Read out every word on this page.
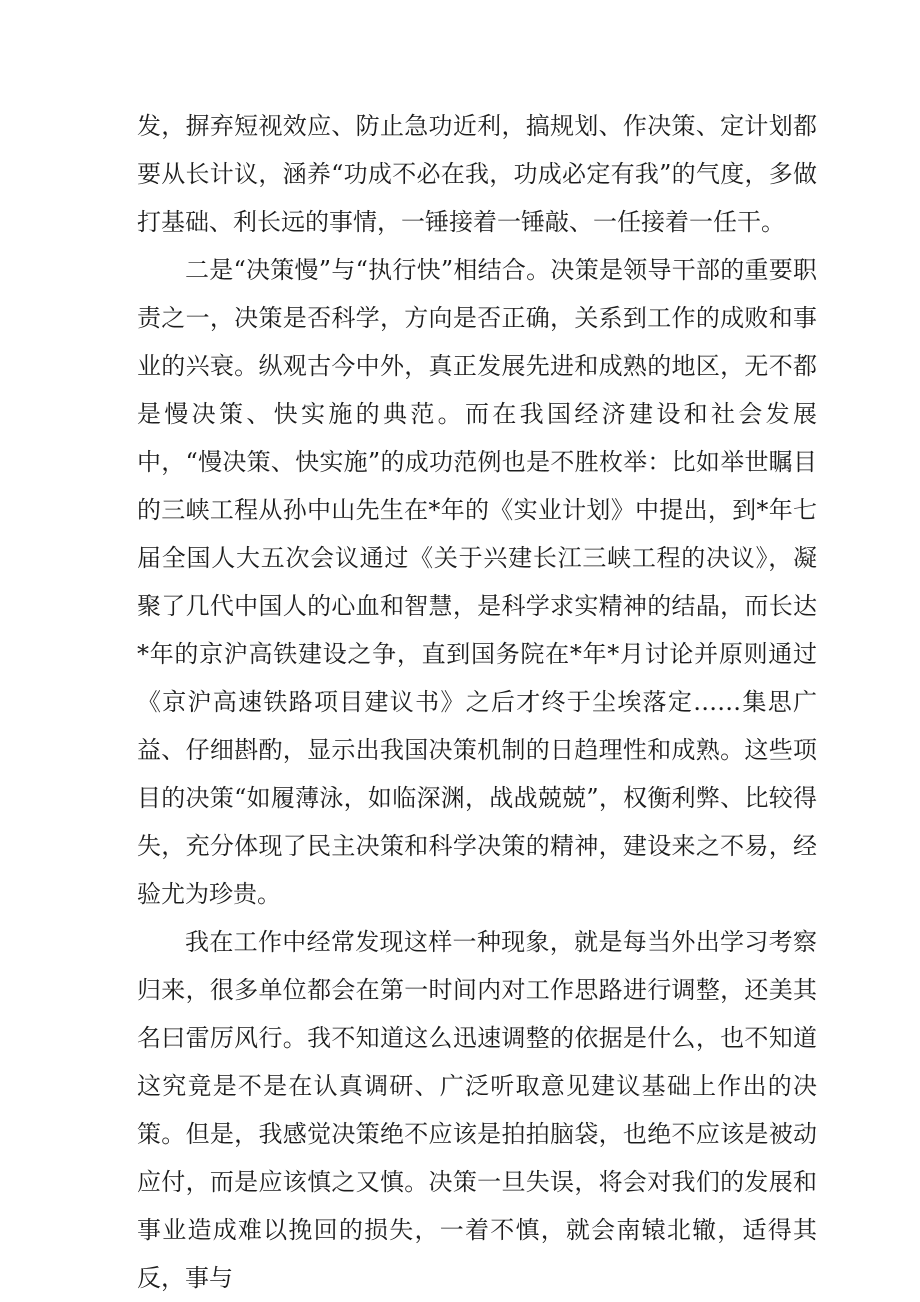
发，摒弃短视效应、防止急功近利，搞规划、作决策、定计划都要从长计议，涵养“功成不必在我，功成必定有我”的气度，多做打基础、利长远的事情，一锤接着一锤敲、一任接着一任干。

二是“决策慢”与“执行快”相结合。决策是领导干部的重要职责之一，决策是否科学，方向是否正确，关系到工作的成败和事业的兴衰。纵观古今中外，真正发展先进和成熟的地区，无不都是慢决策、快实施的典范。而在我国经济建设和社会发展中，“慢决策、快实施”的成功范例也是不胜枚举：比如举世瞩目的三峡工程从孙中山先生在*年的《实业计划》中提出，到*年七届全国人大五次会议通过《关于兴建长江三峡工程的决议》，凝聚了几代中国人的心血和智慧，是科学求实精神的结晶，而长达*年的京沪高铁建设之争，直到国务院在*年*月讨论并原则通过《京沪高速铁路项目建议书》之后才终于尘埃落定……集思广益、仔细斟酌，显示出我国决策机制的日趋理性和成熟。这些项目的决策“如履薄泳，如临深渊，战战兢兢”，权衡利弊、比较得失，充分体现了民主决策和科学决策的精神，建设来之不易，经验尤为珍贵。

我在工作中经常发现这样一种现象，就是每当外出学习考察归来，很多单位都会在第一时间内对工作思路进行调整，还美其名曰雷厉风行。我不知道这么迅速调整的依据是什么，也不知道这究竟是不是在认真调研、广泛听取意见建议基础上作出的决策。但是，我感觉决策绝不应该是拍拍脑袋，也绝不应该是被动应付，而是应该慎之又慎。决策一旦失误，将会对我们的发展和事业造成难以挽回的损失，一着不慎，就会南辕北辙，适得其反，事与
